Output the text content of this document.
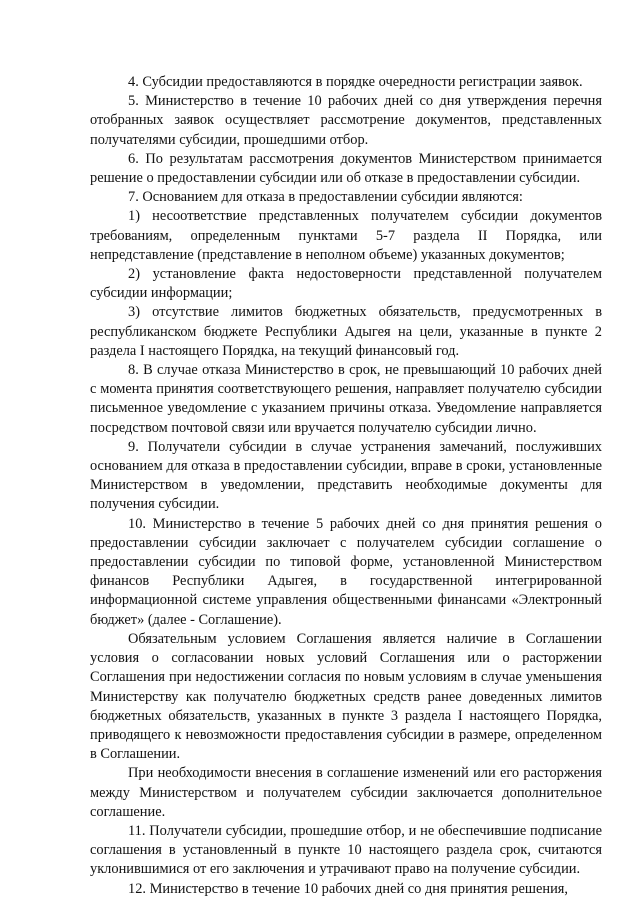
4. Субсидии предоставляются в порядке очередности регистрации заявок.

5. Министерство в течение 10 рабочих дней со дня утверждения перечня отобранных заявок осуществляет рассмотрение документов, представленных получателями субсидии, прошедшими отбор.

6. По результатам рассмотрения документов Министерством принимается решение о предоставлении субсидии или об отказе в предоставлении субсидии.

7. Основанием для отказа в предоставлении субсидии являются:

1) несоответствие представленных получателем субсидии документов требованиям, определенным пунктами 5-7 раздела II Порядка, или непредставление (представление в неполном объеме) указанных документов;

2) установление факта недостоверности представленной получателем субсидии информации;

3) отсутствие лимитов бюджетных обязательств, предусмотренных в республиканском бюджете Республики Адыгея на цели, указанные в пункте 2 раздела I настоящего Порядка, на текущий финансовый год.

8. В случае отказа Министерство в срок, не превышающий 10 рабочих дней с момента принятия соответствующего решения, направляет получателю субсидии письменное уведомление с указанием причины отказа. Уведомление направляется посредством почтовой связи или вручается получателю субсидии лично.

9. Получатели субсидии в случае устранения замечаний, послуживших основанием для отказа в предоставлении субсидии, вправе в сроки, установленные Министерством в уведомлении, представить необходимые документы для получения субсидии.

10. Министерство в течение 5 рабочих дней со дня принятия решения о предоставлении субсидии заключает с получателем субсидии соглашение о предоставлении субсидии по типовой форме, установленной Министерством финансов Республики Адыгея, в государственной интегрированной информационной системе управления общественными финансами «Электронный бюджет» (далее - Соглашение).

Обязательным условием Соглашения является наличие в Соглашении условия о согласовании новых условий Соглашения или о расторжении Соглашения при недостижении согласия по новым условиям в случае уменьшения Министерству как получателю бюджетных средств ранее доведенных лимитов бюджетных обязательств, указанных в пункте 3 раздела I настоящего Порядка, приводящего к невозможности предоставления субсидии в размере, определенном в Соглашении.

При необходимости внесения в соглашение изменений или его расторжения между Министерством и получателем субсидии заключается дополнительное соглашение.

11. Получатели субсидии, прошедшие отбор, и не обеспечившие подписание соглашения в установленный в пункте 10 настоящего раздела срок, считаются уклонившимися от его заключения и утрачивают право на получение субсидии.

12. Министерство в течение 10 рабочих дней со дня принятия решения,
